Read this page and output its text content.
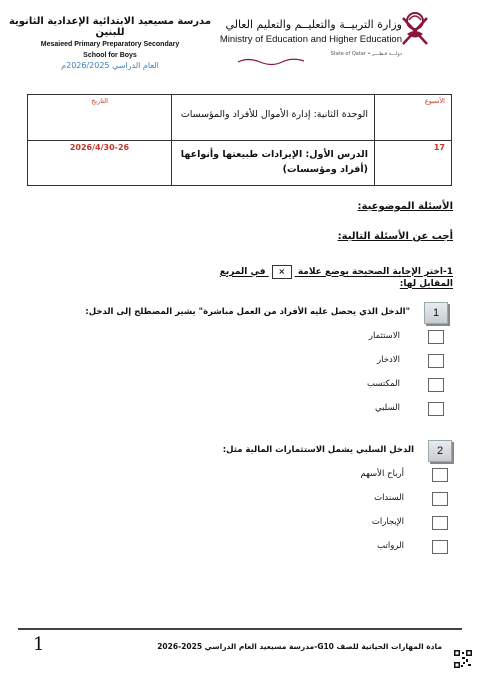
مدرسة مسيعيد الابتدائية الإعدادية الثانوية للبنين
Mesaieed Primary Preparatory Secondary
School for Boys
العام الدراسي 2026/2025م
وزارة التربيــة والتعليــم والتعليم العالي
Ministry of Education and Higher Education
State of Qatar • دولـــة قـطـــر
الأسبوع	الوحدة الثانية: إدارة الأموال للأفراد والمؤسسات	التاريخ

17	الدرس الأول: الإيرادات طبيعتها وأنواعها (أفراد ومؤسسات)	2026/4/30-26
الأسئلة الموضوعية:
أجب عن الأسئلة التالية:
1-اختر الإجابة الصحيحة بوضع علامة × في المربع المقابل لها:
1
"الدخل الذي يحصل عليه الأفراد من العمل مباشرة" يشير المصطلح إلى الدخل:
الاستثمار
الادخار
المكتسب
السلبي
2
الدخل السلبي يشمل الاستثمارات المالية مثل:
أرباح الأسهم
السندات
الإيجارات
الرواتب
1	مادة المهارات الحياتية للصف G10-مدرسة مسيعيد العام الدراسي 2025-2026
